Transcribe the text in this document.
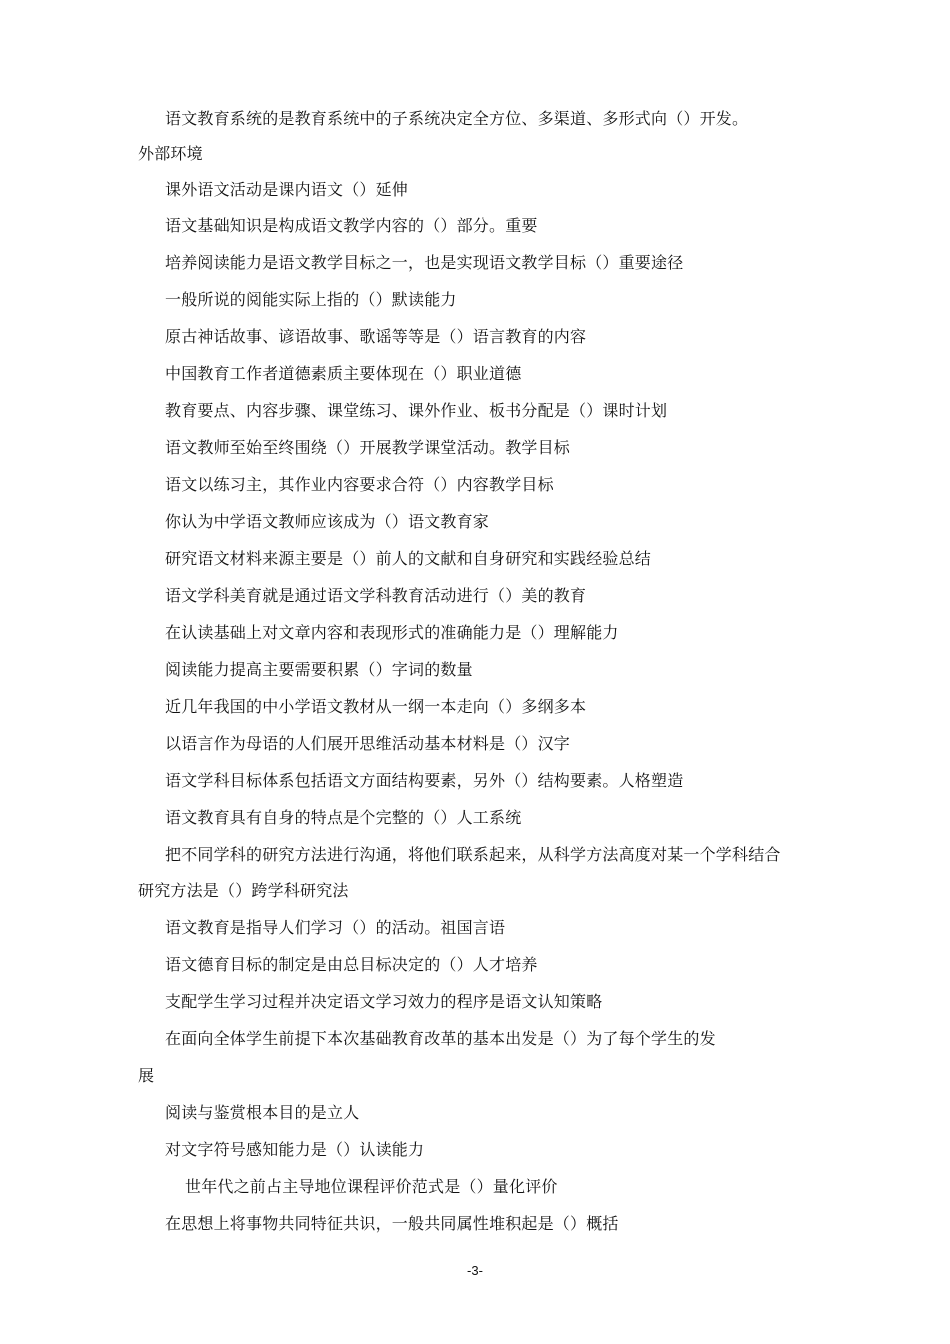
语文教育系统的是教育系统中的子系统决定全方位、多渠道、多形式向（）开发。
外部环境
课外语文活动是课内语文（）延伸
语文基础知识是构成语文教学内容的（）部分。重要
培养阅读能力是语文教学目标之一，也是实现语文教学目标（）重要途径
一般所说的阅能实际上指的（）默读能力
原古神话故事、谚语故事、歌谣等等是（）语言教育的内容
中国教育工作者道德素质主要体现在（）职业道德
教育要点、内容步骤、课堂练习、课外作业、板书分配是（）课时计划
语文教师至始至终围绕（）开展教学课堂活动。教学目标
语文以练习主，其作业内容要求合符（）内容教学目标
你认为中学语文教师应该成为（）语文教育家
研究语文材料来源主要是（）前人的文献和自身研究和实践经验总结
语文学科美育就是通过语文学科教育活动进行（）美的教育
在认读基础上对文章内容和表现形式的准确能力是（）理解能力
阅读能力提高主要需要积累（）字词的数量
近几年我国的中小学语文教材从一纲一本走向（）多纲多本
以语言作为母语的人们展开思维活动基本材料是（）汉字
语文学科目标体系包括语文方面结构要素，另外（）结构要素。人格塑造
语文教育具有自身的特点是个完整的（）人工系统
把不同学科的研究方法进行沟通，将他们联系起来，从科学方法高度对某一个学科结合
研究方法是（）跨学科研究法
语文教育是指导人们学习（）的活动。祖国言语
语文德育目标的制定是由总目标决定的（）人才培养
支配学生学习过程并决定语文学习效力的程序是语文认知策略
在面向全体学生前提下本次基础教育改革的基本出发是（）为了每个学生的发
展
阅读与鉴赏根本目的是立人
对文字符号感知能力是（）认读能力
世年代之前占主导地位课程评价范式是（）量化评价
在思想上将事物共同特征共识，一般共同属性堆积起是（）概括
-3-
